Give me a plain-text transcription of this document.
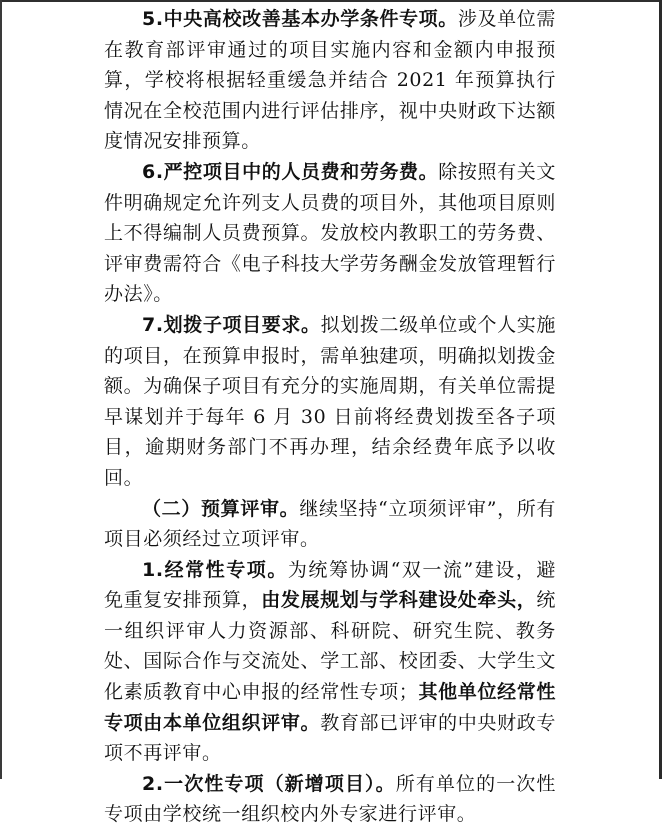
5.中央高校改善基本办学条件专项。涉及单位需在教育部评审通过的项目实施内容和金额内申报预算，学校将根据轻重缓急并结合 2021 年预算执行情况在全校范围内进行评估排序，视中央财政下达额度情况安排预算。

6.严控项目中的人员费和劳务费。除按照有关文件明确规定允许列支人员费的项目外，其他项目原则上不得编制人员费预算。发放校内教职工的劳务费、评审费需符合《电子科技大学劳务酬金发放管理暂行办法》。

7.划拨子项目要求。拟划拨二级单位或个人实施的项目，在预算申报时，需单独建项，明确拟划拨金额。为确保子项目有充分的实施周期，有关单位需提早谋划并于每年 6 月 30 日前将经费划拨至各子项目，逾期财务部门不再办理，结余经费年底予以收回。

（二）预算评审。继续坚持“立项须评审”，所有项目必须经过立项评审。

1.经常性专项。为统筹协调“双一流”建设，避免重复安排预算，由发展规划与学科建设处牵头，统一组织评审人力资源部、科研院、研究生院、教务处、国际合作与交流处、学工部、校团委、大学生文化素质教育中心申报的经常性专项；其他单位经常性专项由本单位组织评审。教育部已评审的中央财政专项不再评审。

2.一次性专项（新增项目）。所有单位的一次性专项由学校统一组织校内外专家进行评审。
